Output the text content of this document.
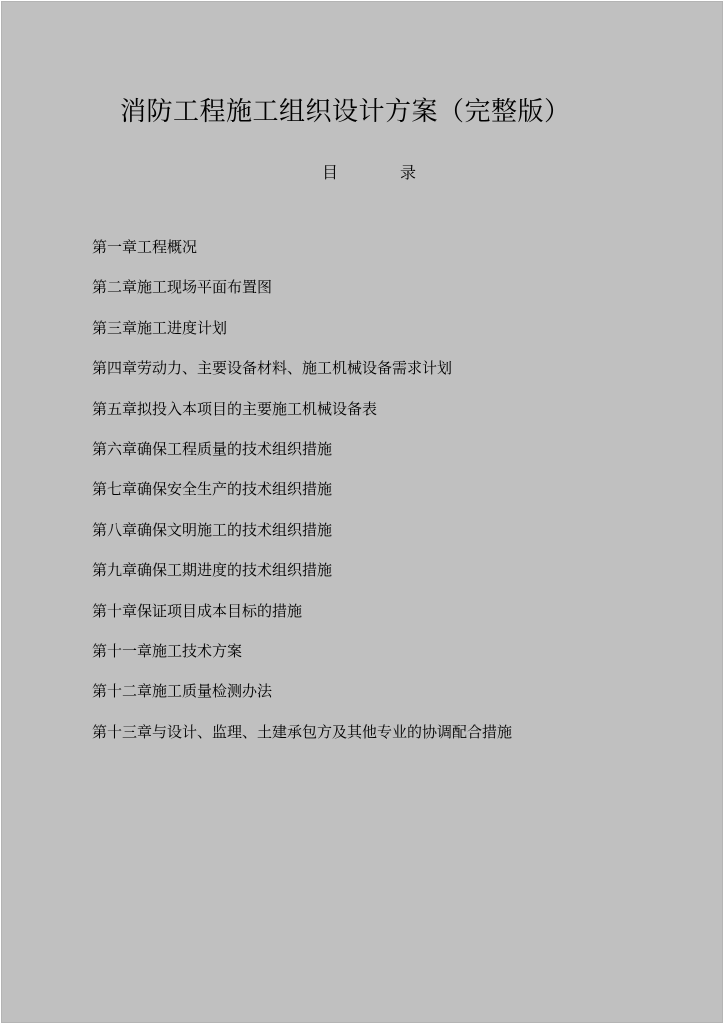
消防工程施工组织设计方案（完整版）
目	录
第一章工程概况
第二章施工现场平面布置图
第三章施工进度计划
第四章劳动力、主要设备材料、施工机械设备需求计划
第五章拟投入本项目的主要施工机械设备表
第六章确保工程质量的技术组织措施
第七章确保安全生产的技术组织措施
第八章确保文明施工的技术组织措施
第九章确保工期进度的技术组织措施
第十章保证项目成本目标的措施
第十一章施工技术方案
第十二章施工质量检测办法
第十三章与设计、监理、土建承包方及其他专业的协调配合措施
